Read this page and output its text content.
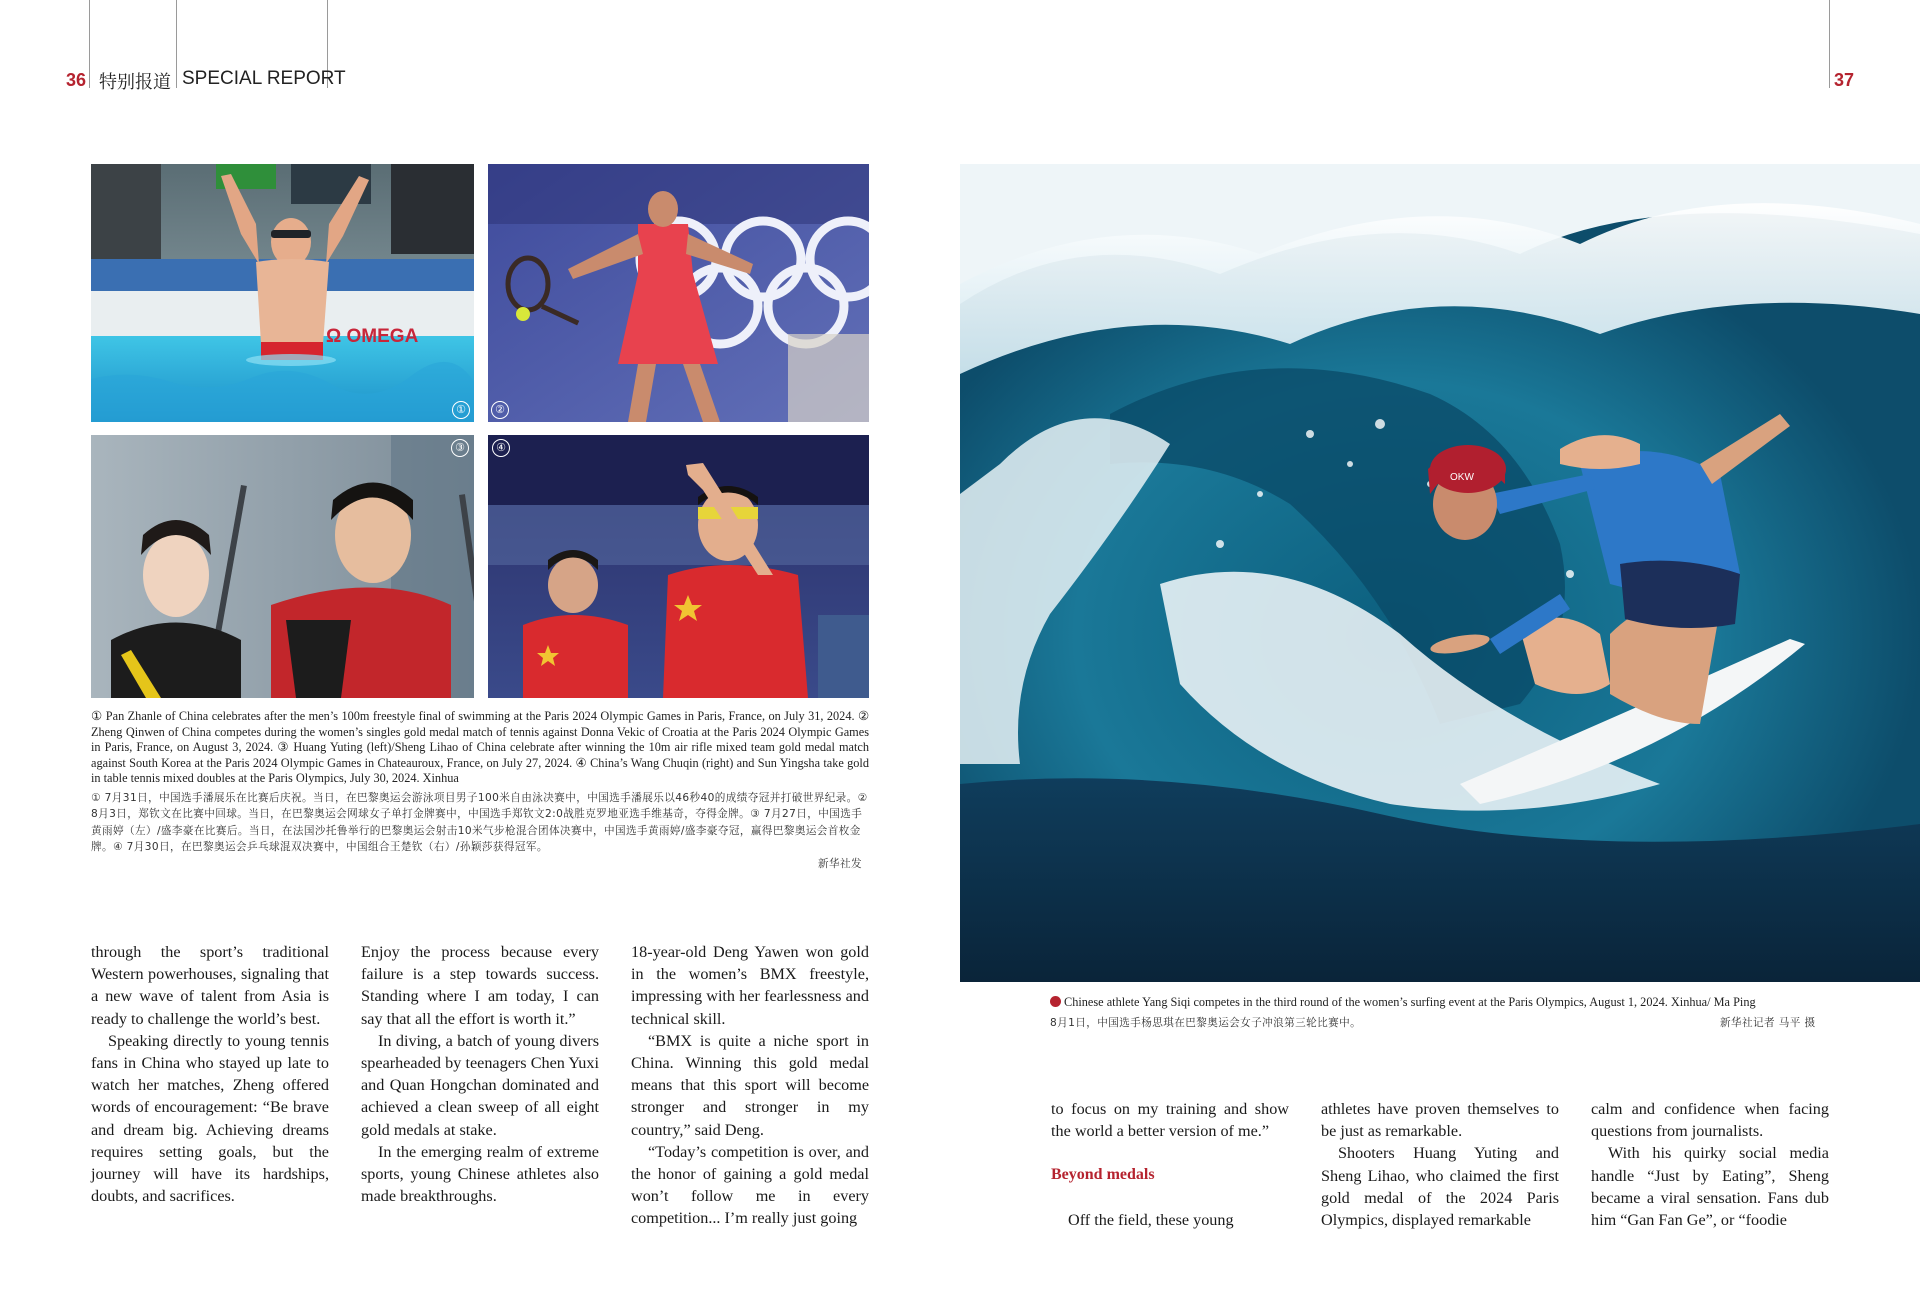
36 特别报道 SPECIAL REPORT	37
Ω OMEGA
①	②
③	④
① Pan Zhanle of China celebrates after the men’s 100m freestyle final of swimming at the Paris 2024 Olympic Games in Paris, France, on July 31, 2024. ② Zheng Qinwen of China competes during the women’s singles gold medal match of tennis against Donna Vekic of Croatia at the Paris 2024 Olympic Games in Paris, France, on August 3, 2024. ③ Huang Yuting (left)/Sheng Lihao of China celebrate after winning the 10m air rifle mixed team gold medal match against South Korea at the Paris 2024 Olympic Games in Chateauroux, France, on July 27, 2024. ④ China’s Wang Chuqin (right) and Sun Yingsha take gold in table tennis mixed doubles at the Paris Olympics, July 30, 2024. Xinhua
① 7月31日，中国选手潘展乐在比赛后庆祝。当日，在巴黎奥运会游泳项目男子100米自由泳决赛中，中国选手潘展乐以46秒40的成绩夺冠并打破世界纪录。② 8月3日，郑钦文在比赛中回球。当日，在巴黎奥运会网球女子单打金牌赛中，中国选手郑钦文2:0战胜克罗地亚选手维基奇，夺得金牌。③ 7月27日，中国选手黄雨婷（左）/盛李豪在比赛后。当日，在法国沙托鲁举行的巴黎奥运会射击10米气步枪混合团体决赛中，中国选手黄雨婷/盛李豪夺冠，赢得巴黎奥运会首枚金牌。④ 7月30日，在巴黎奥运会乒乓球混双决赛中，中国组合王楚钦（右）/孙颖莎获得冠军。
新华社发

through the sport’s traditional Western powerhouses, signaling that a new wave of talent from Asia is ready to challenge the world’s best.

Speaking directly to young tennis fans in China who stayed up late to watch her matches, Zheng offered words of encouragement: “Be brave and dream big. Achieving dreams requires setting goals, but the journey will have its hardships, doubts, and sacrifices.

Enjoy the process because every failure is a step towards success. Standing where I am today, I can say that all the effort is worth it.”

In diving, a batch of young divers spearheaded by teenagers Chen Yuxi and Quan Hongchan dominated and achieved a clean sweep of all eight gold medals at stake.

In the emerging realm of extreme sports, young Chinese athletes also made breakthroughs.

18-year-old Deng Yawen won gold in the women’s BMX freestyle, impressing with her fearlessness and technical skill.

“BMX is quite a niche sport in China. Winning this gold medal means that this sport will become stronger and stronger in my country,” said Deng.

“Today’s competition is over, and the honor of gaining a gold medal won’t follow me in every competition... I’m really just going

OKW
Chinese athlete Yang Siqi competes in the third round of the women’s surfing event at the Paris Olympics, August 1, 2024. Xinhua/ Ma Ping
8月1日，中国选手杨思琪在巴黎奥运会女子冲浪第三轮比赛中。	新华社记者 马平 摄

to focus on my training and show the world a better version of me.”

Beyond medals

Off the field, these young

athletes have proven themselves to be just as remarkable.

Shooters Huang Yuting and Sheng Lihao, who claimed the first gold medal of the 2024 Paris Olympics, displayed remarkable

calm and confidence when facing questions from journalists.

With his quirky social media handle “Just by Eating”, Sheng became a viral sensation. Fans dub him “Gan Fan Ge”, or “foodie
